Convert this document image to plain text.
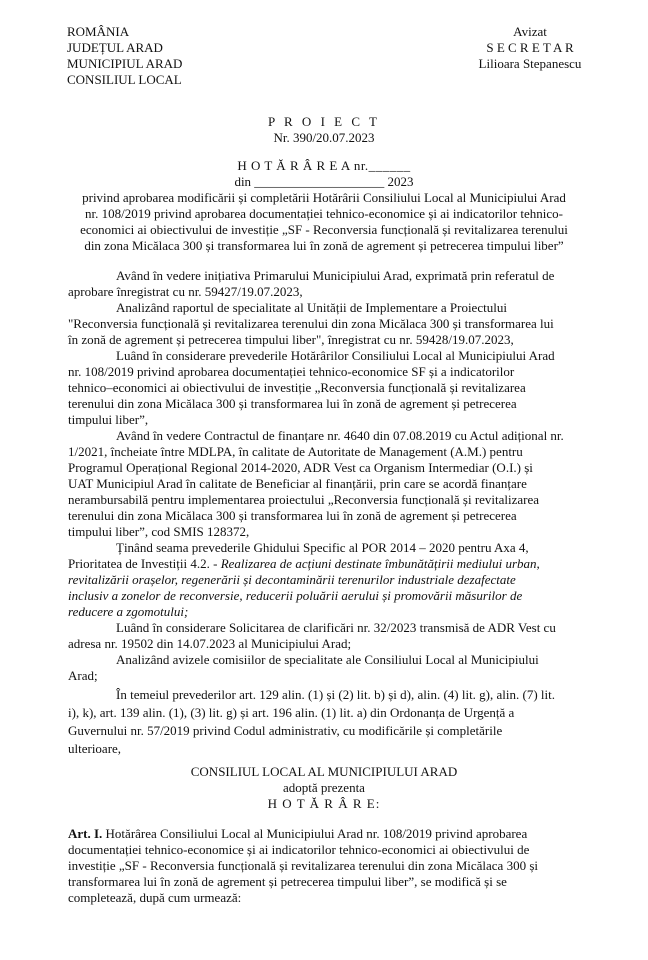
ROMÂNIA
JUDEȚUL ARAD
MUNICIPIUL ARAD
CONSILIUL LOCAL
Avizat
S E C R E T A R
Lilioara Stepanescu
P R O I E C T
Nr. 390/20.07.2023
H O T Ă R Â R E A nr.______
din ____________________ 2023
privind aprobarea modificării și completării Hotărârii Consiliului Local al Municipiului Arad
nr. 108/2019 privind aprobarea documentației tehnico-economice și ai indicatorilor tehnico-
economici ai obiectivului de investiție „SF - Reconversia funcțională și revitalizarea terenului
din zona Micălaca 300 și transformarea lui în zonă de agrement și petrecerea timpului liber”
Având în vedere inițiativa Primarului Municipiului Arad, exprimată prin referatul de
aprobare înregistrat cu nr. 59427/19.07.2023,
Analizând raportul de specialitate al Unității de Implementare a Proiectului
"Reconversia funcțională și revitalizarea terenului din zona Micălaca 300 și transformarea lui
în zonă de agrement și petrecerea timpului liber", înregistrat cu nr. 59428/19.07.2023,
Luând în considerare prevederile Hotărârilor Consiliului Local al Municipiului Arad
nr. 108/2019 privind aprobarea documentației tehnico-economice SF și a indicatorilor
tehnico–economici ai obiectivului de investiție „Reconversia funcțională și revitalizarea
terenului din zona Micălaca 300 și transformarea lui în zonă de agrement și petrecerea
timpului liber”,
Având în vedere Contractul de finanțare nr. 4640 din 07.08.2019 cu Actul adițional nr.
1/2021, încheiate între MDLPA, în calitate de Autoritate de Management (A.M.) pentru
Programul Operațional Regional 2014-2020, ADR Vest ca Organism Intermediar (O.I.) și
UAT Municipiul Arad în calitate de Beneficiar al finanțării, prin care se acordă finanțare
nerambursabilă pentru implementarea proiectului „Reconversia funcțională și revitalizarea
terenului din zona Micălaca 300 și transformarea lui în zonă de agrement și petrecerea
timpului liber”, cod SMIS 128372,
Ținând seama prevederile Ghidului Specific al POR 2014 – 2020 pentru Axa 4,
Prioritatea de Investiții 4.2. - Realizarea de acțiuni destinate îmbunătățirii mediului urban,
revitalizării orașelor, regenerării și decontaminării terenurilor industriale dezafectate
inclusiv a zonelor de reconversie, reducerii poluării aerului și promovării măsurilor de
reducere a zgomotului;
Luând în considerare Solicitarea de clarificări nr. 32/2023 transmisă de ADR Vest cu
adresa nr. 19502 din 14.07.2023 al Municipiului Arad;
Analizând avizele comisiilor de specialitate ale Consiliului Local al Municipiului
Arad;
În temeiul prevederilor art. 129 alin. (1) și (2) lit. b) și d), alin. (4) lit. g), alin. (7) lit.
i), k), art. 139 alin. (1), (3) lit. g) și art. 196 alin. (1) lit. a) din Ordonanța de Urgență a
Guvernului nr. 57/2019 privind Codul administrativ, cu modificările și completările
ulterioare,
CONSILIUL LOCAL AL MUNICIPIULUI ARAD
adoptă prezenta
H O T Ă R Â R E:
Art. I. Hotărârea Consiliului Local al Municipiului Arad nr. 108/2019 privind aprobarea
documentației tehnico-economice și ai indicatorilor tehnico-economici ai obiectivului de
investiție „SF - Reconversia funcțională și revitalizarea terenului din zona Micălaca 300 și
transformarea lui în zonă de agrement și petrecerea timpului liber”, se modifică și se
completează, după cum urmează:
